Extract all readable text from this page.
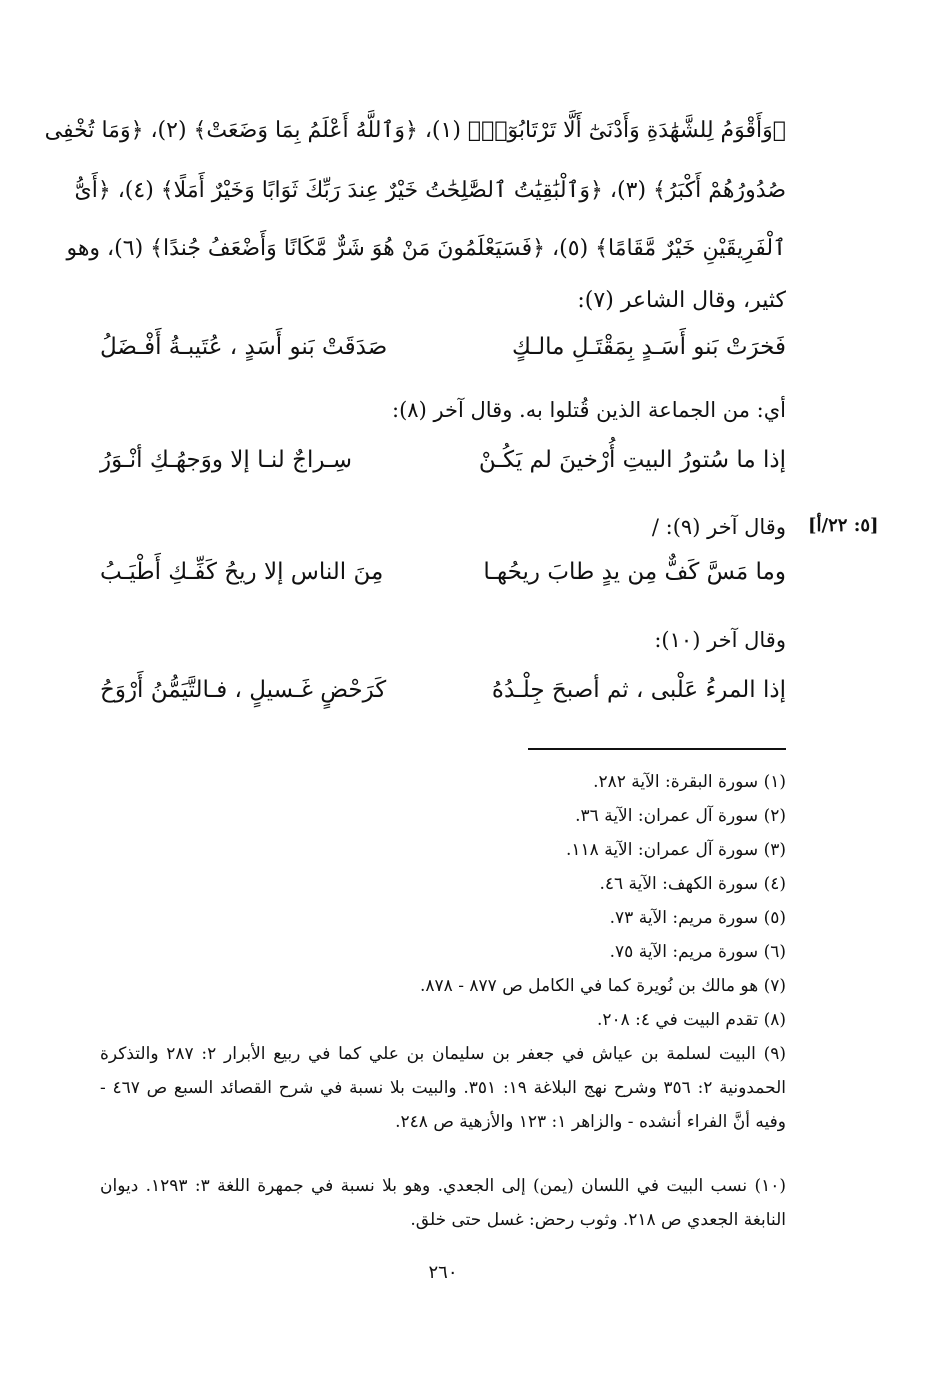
﴿وَأَقْوَمُ لِلشَّهَٰدَةِ وَأَدْنَىٰٓ أَلَّا تَرْتَابُوٓا۟﴾ (١)، ﴿وَٱللَّهُ أَعْلَمُ بِمَا وَضَعَتْ﴾ (٢)، ﴿وَمَا تُخْفِى
صُدُورُهُمْ أَكْبَرُ﴾ (٣)، ﴿وَٱلْبَٰقِيَٰتُ ٱلصَّٰلِحَٰتُ خَيْرٌ عِندَ رَبِّكَ ثَوَابًا وَخَيْرٌ أَمَلًا﴾ (٤)، ﴿أَىُّ
ٱلْفَرِيقَيْنِ خَيْرٌ مَّقَامًا﴾ (٥)، ﴿فَسَيَعْلَمُونَ مَنْ هُوَ شَرٌّ مَّكَانًا وَأَضْعَفُ جُندًا﴾ (٦)، وهو
كثير، وقال الشاعر (٧):
فَخرَتْ بَنو أَسَـدٍ بِمَقْتَـلِ مالـكٍ
صَدَقَتْ بَنو أَسَدٍ ، عُتَيبـةُ أَفْـضَلُ
أي: من الجماعة الذين قُتلوا به. وقال آخر (٨):
إذا ما سُتورُ البيتِ أُرْخينَ لم يَكُـنْ
سِـراجٌ لنـا إلا ووَجهُـكِ أنْـوَرُ
وقال آخر (٩): / [٥: ٢٢/أ]
وما مَسَّ كَفٌّ مِن يدٍ طابَ ريحُهـا
مِنَ الناس إلا ريحُ كَفِّـكِ أَطْيَـبُ
وقال آخر (١٠):
إذا المرءُ عَلْبى ، ثم أصبحَ جِلْـدُهُ
كَرَحْضٍ غَـسيلٍ ، فـالتَّيَمُّنُ أَرْوَحُ
(١) سورة البقرة: الآية ٢٨٢.
(٢) سورة آل عمران: الآية ٣٦.
(٣) سورة آل عمران: الآية ١١٨.
(٤) سورة الكهف: الآية ٤٦.
(٥) سورة مريم: الآية ٧٣.
(٦) سورة مريم: الآية ٧٥.
(٧) هو مالك بن نُويرة كما في الكامل ص ٨٧٧ - ٨٧٨.
(٨) تقدم البيت في ٤: ٢٠٨.
(٩) البيت لسلمة بن عياش في جعفر بن سليمان بن علي كما في ربيع الأبرار ٢: ٢٨٧ والتذكرة الحمدونية ٢: ٣٥٦ وشرح نهج البلاغة ١٩: ٣٥١. والبيت بلا نسبة في شرح القصائد السبع ص ٤٦٧ - وفيه أنَّ الفراء أنشده - والزاهر ١: ١٢٣ والأزهية ص ٢٤٨.
(١٠) نسب البيت في اللسان (يمن) إلى الجعدي. وهو بلا نسبة في جمهرة اللغة ٣: ١٢٩٣. ديوان النابغة الجعدي ص ٢١٨. وثوب رحض: غسل حتى خلق.
٢٦٠
